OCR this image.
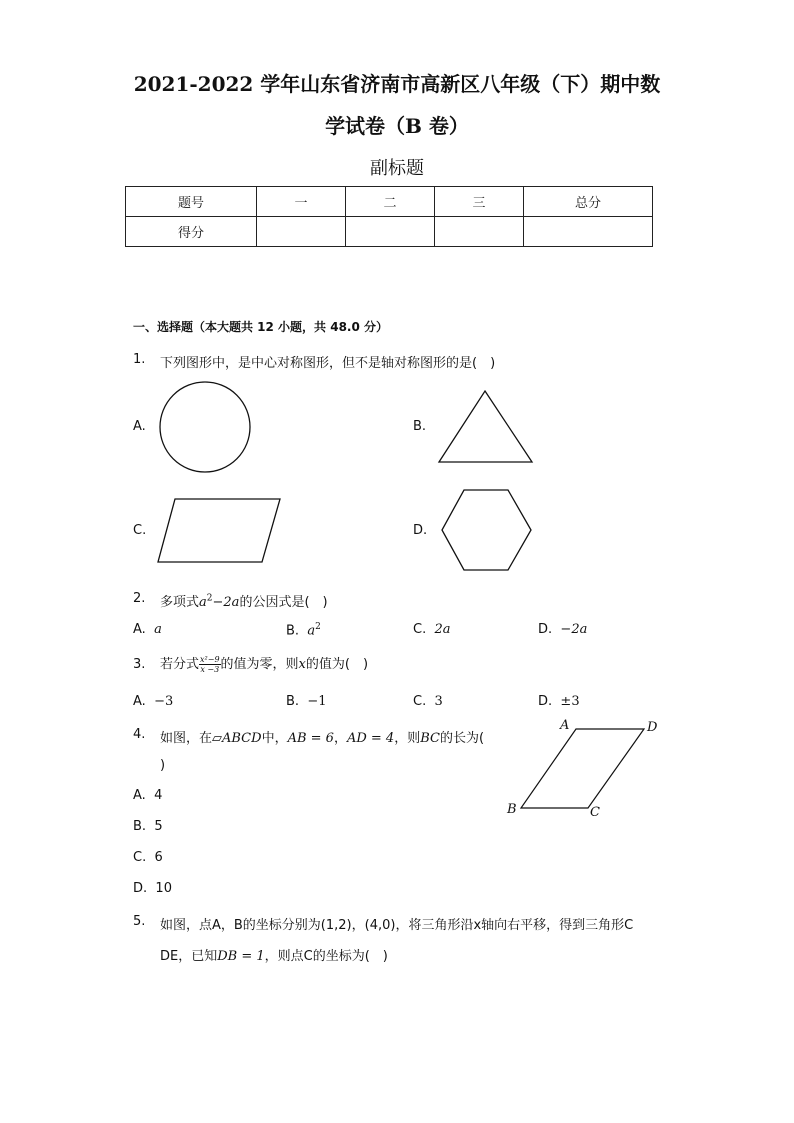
2021-2022 学年山东省济南市高新区八年级（下）期中数
学试卷（B 卷）
副标题
题号	一	二	三	总分
得分				
一、选择题（本大题共 12 小题，共 48.0 分）
1. 下列图形中，是中心对称图形，但不是轴对称图形的是(　)
A.	B.
C.	D.
2. 多项式$a^2-2a$的公因式是(　)
A. a	B. $a^2$	C. 2a	D. −2a
3. 若分式 $\frac{\text{x²−9}}{x -3}$ 的值为零，则x的值为(　)
A. −3	B. −1	C. 3	D. ±3
4. 如图，在▱ABCD中，AB = 6，AD = 4，则BC的长为(
)
A. 4
B. 5
C. 6
D. 10
A	D
B	C
5. 如图，点A，B的坐标分别为(1,2)，(4,0)，将三角形沿x轴向右平移，得到三角形C
DE，已知DB = 1，则点C的坐标为(　)
